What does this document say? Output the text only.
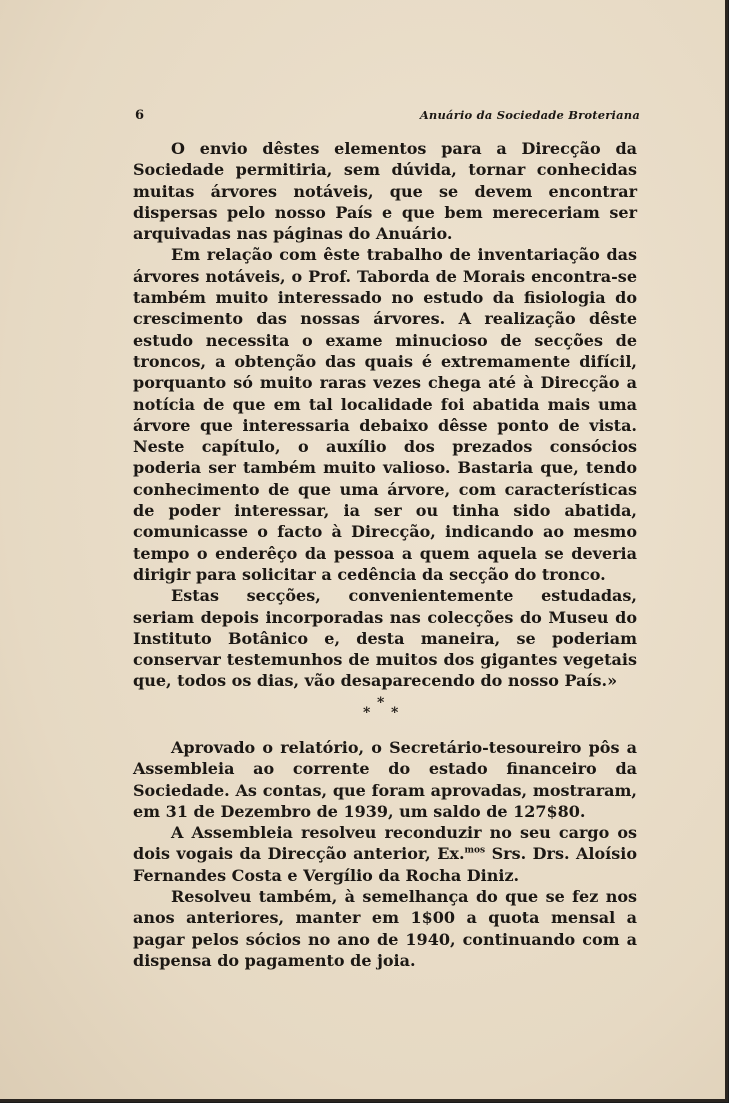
6	Anuário da Sociedade Broteriana

O envio dêstes elementos para a Direcção da Sociedade permitiria, sem dúvida, tornar conhecidas muitas árvores notáveis, que se devem encontrar dispersas pelo nosso País e que bem mereceriam ser arquivadas nas páginas do Anuário.

Em relação com êste trabalho de inventariação das árvores notáveis, o Prof. Taborda de Morais encontra-se também muito interessado no estudo da fisiologia do crescimento das nossas árvores. A realização dêste estudo necessita o exame minucioso de secções de troncos, a obtenção das quais é extremamente difícil, porquanto só muito raras vezes chega até à Direcção a notícia de que em tal localidade foi abatida mais uma árvore que interessaria debaixo dêsse ponto de vista. Neste capítulo, o auxílio dos prezados consócios poderia ser também muito valioso. Bastaria que, tendo conhecimento de que uma árvore, com características de poder interessar, ia ser ou tinha sido abatida, comunicasse o facto à Direcção, indicando ao mesmo tempo o enderêço da pessoa a quem aquela se deveria dirigir para solicitar a cedência da secção do tronco.

Estas secções, convenientemente estudadas, seriam depois incorporadas nas colecções do Museu do Instituto Botânico e, desta maneira, se poderiam conservar testemunhos de muitos dos gigantes vegetais que, todos os dias, vão desaparecendo do nosso País.»

*
* *

Aprovado o relatório, o Secretário-tesoureiro pôs a Assembleia ao corrente do estado financeiro da Sociedade. As contas, que foram aprovadas, mostraram, em 31 de Dezembro de 1939, um saldo de 127$80.

A Assembleia resolveu reconduzir no seu cargo os dois vogais da Direcção anterior, Ex.$^{mos}$ Srs. Drs. Aloísio Fernandes Costa e Vergílio da Rocha Diniz.

Resolveu também, à semelhança do que se fez nos anos anteriores, manter em 1$00 a quota mensal a pagar pelos sócios no ano de 1940, continuando com a dispensa do pagamento de joia.
